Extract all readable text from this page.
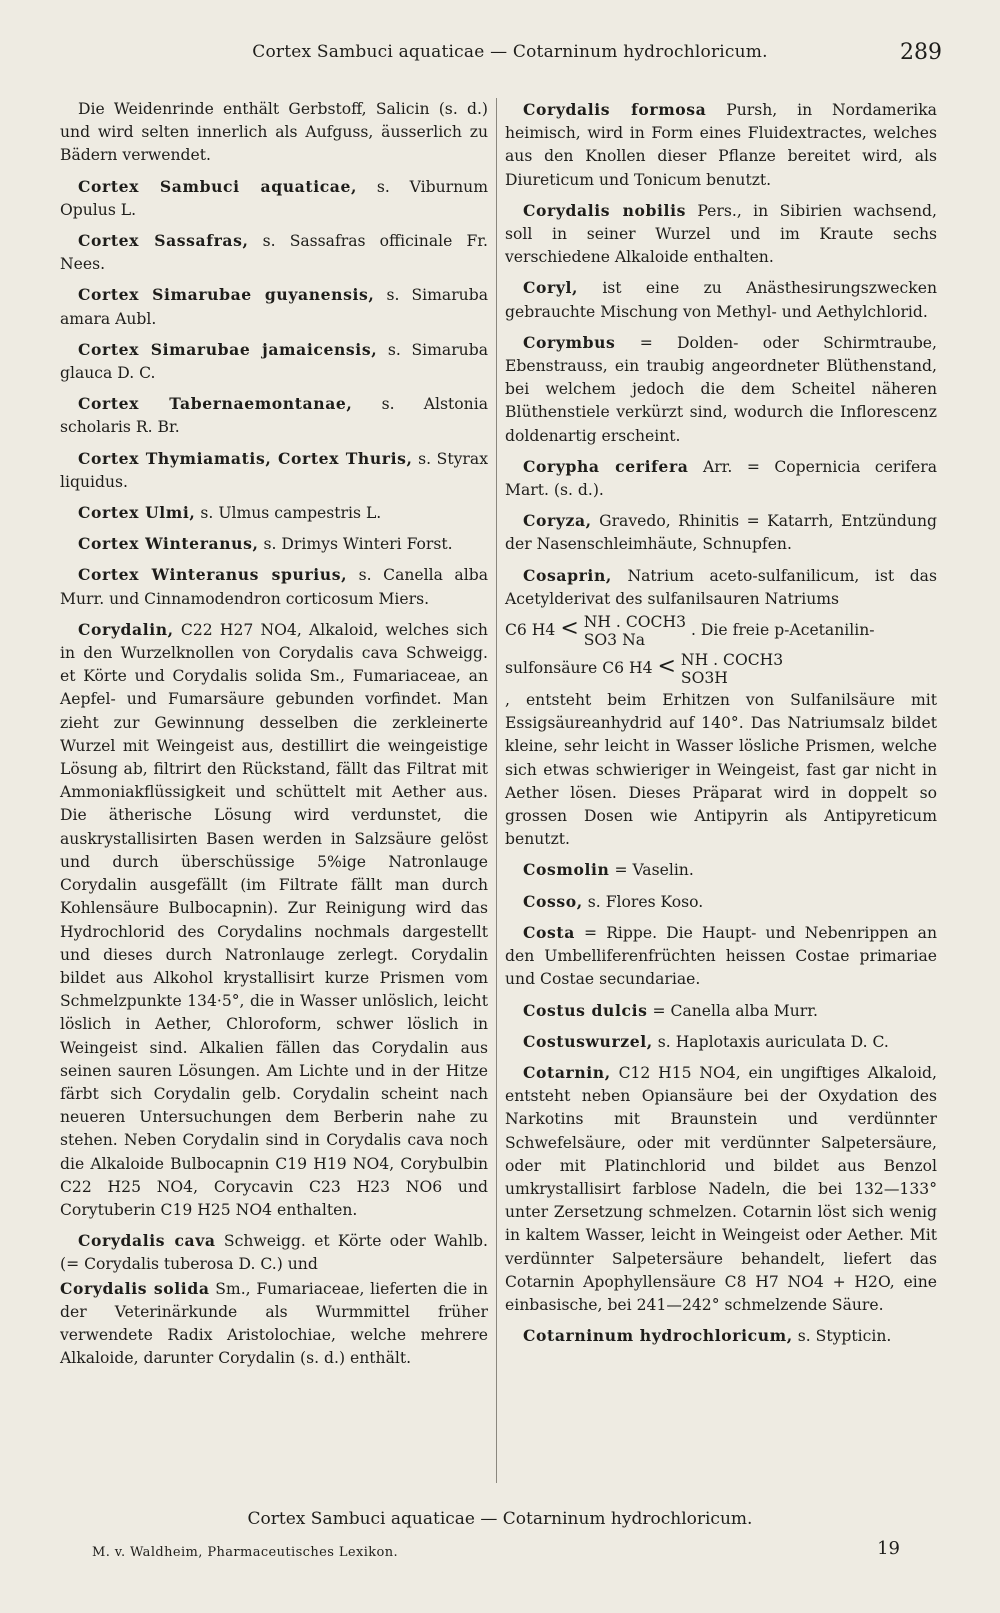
Cortex Sambuci aquaticae — Cotarninum hydrochloricum.	289

Die Weidenrinde enthält Gerbstoff, Salicin (s. d.) und wird selten innerlich als Aufguss, äusserlich zu Bädern verwendet.

Cortex Sambuci aquaticae, s. Viburnum Opulus L.

Cortex Sassafras, s. Sassafras officinale Fr. Nees.

Cortex Simarubae guyanensis, s. Simaruba amara Aubl.

Cortex Simarubae jamaicensis, s. Simaruba glauca D. C.

Cortex Tabernaemontanae, s. Alstonia scholaris R. Br.

Cortex Thymiamatis, Cortex Thuris, s. Styrax liquidus.

Cortex Ulmi, s. Ulmus campestris L.

Cortex Winteranus, s. Drimys Winteri Forst.

Cortex Winteranus spurius, s. Canella alba Murr. und Cinnamodendron corticosum Miers.

Corydalin, C22 H27 NO4, Alkaloid, welches sich in den Wurzelknollen von Corydalis cava Schweigg. et Körte und Corydalis solida Sm., Fumariaceae, an Aepfel- und Fumarsäure gebunden vorfindet. Man zieht zur Gewinnung desselben die zerkleinerte Wurzel mit Weingeist aus, destillirt die weingeistige Lösung ab, filtrirt den Rückstand, fällt das Filtrat mit Ammoniakflüssigkeit und schüttelt mit Aether aus. Die ätherische Lösung wird verdunstet, die auskrystallisirten Basen werden in Salzsäure gelöst und durch überschüssige 5%ige Natronlauge Corydalin ausgefällt (im Filtrate fällt man durch Kohlensäure Bulbocapnin). Zur Reinigung wird das Hydrochlorid des Corydalins nochmals dargestellt und dieses durch Natronlauge zerlegt. Corydalin bildet aus Alkohol krystallisirt kurze Prismen vom Schmelzpunkte 134·5°, die in Wasser unlöslich, leicht löslich in Aether, Chloroform, schwer löslich in Weingeist sind. Alkalien fällen das Corydalin aus seinen sauren Lösungen. Am Lichte und in der Hitze färbt sich Corydalin gelb. Corydalin scheint nach neueren Untersuchungen dem Berberin nahe zu stehen. Neben Corydalin sind in Corydalis cava noch die Alkaloide Bulbocapnin C19 H19 NO4, Corybulbin C22 H25 NO4, Corycavin C23 H23 NO6 und Corytuberin C19 H25 NO4 enthalten.

Corydalis cava Schweigg. et Körte oder Wahlb. (= Corydalis tuberosa D. C.) und

Corydalis solida Sm., Fumariaceae, lieferten die in der Veterinärkunde als Wurmmittel früher verwendete Radix Aristolochiae, welche mehrere Alkaloide, darunter Corydalin (s. d.) enthält.

Corydalis formosa Pursh, in Nordamerika heimisch, wird in Form eines Fluidextractes, welches aus den Knollen dieser Pflanze bereitet wird, als Diureticum und Tonicum benutzt.

Corydalis nobilis Pers., in Sibirien wachsend, soll in seiner Wurzel und im Kraute sechs verschiedene Alkaloide enthalten.

Coryl, ist eine zu Anästhesirungszwecken gebrauchte Mischung von Methyl- und Aethylchlorid.

Corymbus = Dolden- oder Schirmtraube, Ebenstrauss, ein traubig angeordneter Blüthenstand, bei welchem jedoch die dem Scheitel näheren Blüthenstiele verkürzt sind, wodurch die Inflorescenz doldenartig erscheint.

Corypha cerifera Arr. = Copernicia cerifera Mart. (s. d.).

Coryza, Gravedo, Rhinitis = Katarrh, Entzündung der Nasenschleimhäute, Schnupfen.

Cosaprin, Natrium aceto-sulfanilicum, ist das Acetylderivat des sulfanilsauren Natriums

C6 H4 < NH . COCH3
SO3 Na
. Die freie p-Acetanilin-
sulfonsäure C6 H4 < NH . COCH3
SO3H

, entsteht beim Erhitzen von Sulfanilsäure mit Essigsäureanhydrid auf 140°. Das Natriumsalz bildet kleine, sehr leicht in Wasser lösliche Prismen, welche sich etwas schwieriger in Weingeist, fast gar nicht in Aether lösen. Dieses Präparat wird in doppelt so grossen Dosen wie Antipyrin als Antipyreticum benutzt.

Cosmolin = Vaselin.

Cosso, s. Flores Koso.

Costa = Rippe. Die Haupt- und Nebenrippen an den Umbelliferenfrüchten heissen Costae primariae und Costae secundariae.

Costus dulcis = Canella alba Murr.

Costuswurzel, s. Haplotaxis auriculata D. C.

Cotarnin, C12 H15 NO4, ein ungiftiges Alkaloid, entsteht neben Opiansäure bei der Oxydation des Narkotins mit Braunstein und verdünnter Schwefelsäure, oder mit verdünnter Salpetersäure, oder mit Platinchlorid und bildet aus Benzol umkrystallisirt farblose Nadeln, die bei 132—133° unter Zersetzung schmelzen. Cotarnin löst sich wenig in kaltem Wasser, leicht in Weingeist oder Aether. Mit verdünnter Salpetersäure behandelt, liefert das Cotarnin Apophyllensäure C8 H7 NO4 + H2O, eine einbasische, bei 241—242° schmelzende Säure.

Cotarninum hydrochloricum, s. Stypticin.

Cortex Sambuci aquaticae — Cotarninum hydrochloricum.
M. v. Waldheim, Pharmaceutisches Lexikon.	19
